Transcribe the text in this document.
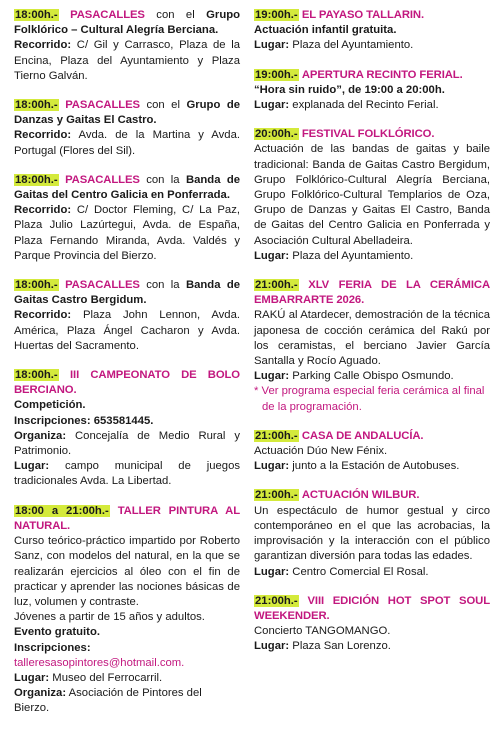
18:00h.- PASACALLES con el Grupo Folklórico – Cultural Alegría Berciana.
Recorrido: C/ Gil y Carrasco, Plaza de la Encina, Plaza del Ayuntamiento y Plaza Tierno Galván.
18:00h.- PASACALLES con el Grupo de Danzas y Gaitas El Castro.
Recorrido: Avda. de la Martina y Avda. Portugal (Flores del Sil).
18:00h.- PASACALLES con la Banda de Gaitas del Centro Galicia en Ponferrada.
Recorrido: C/ Doctor Fleming, C/ La Paz, Plaza Julio Lazúrtegui, Avda. de España, Plaza Fernando Miranda, Avda. Valdés y Parque Provincia del Bierzo.
18:00h.- PASACALLES con la Banda de Gaitas Castro Bergidum.
Recorrido: Plaza John Lennon, Avda. América, Plaza Ángel Cacharon y Avda. Huertas del Sacramento.
18:00h.- III CAMPEONATO DE BOLO BERCIANO.
Competición.
Inscripciones: 653581445.
Organiza: Concejalía de Medio Rural y Patrimonio.
Lugar: campo municipal de juegos tradicionales Avda. La Libertad.
18:00 a 21:00h.- TALLER PINTURA AL NATURAL.
Curso teórico-práctico impartido por Roberto Sanz, con modelos del natural, en la que se realizarán ejercicios al óleo con el fin de practicar y aprender las nociones básicas de luz, volumen y contraste.
Jóvenes a partir de 15 años y adultos.
Evento gratuito.
Inscripciones: talleresasopintores@hotmail.com.
Lugar: Museo del Ferrocarril.
Organiza: Asociación de Pintores del Bierzo.
19:00h.- EL PAYASO TALLARIN.
Actuación infantil gratuita.
Lugar: Plaza del Ayuntamiento.
19:00h.- APERTURA RECINTO FERIAL.
“Hora sin ruido”, de 19:00 a 20:00h.
Lugar: explanada del Recinto Ferial.
20:00h.- FESTIVAL FOLKLÓRICO.
Actuación de las bandas de gaitas y baile tradicional: Banda de Gaitas Castro Bergidum, Grupo Folklórico-Cultural Alegría Berciana, Grupo Folklórico-Cultural Templarios de Oza, Grupo de Danzas y Gaitas El Castro, Banda de Gaitas del Centro Galicia en Ponferrada y Asociación Cultural Abelladeira.
Lugar: Plaza del Ayuntamiento.
21:00h.- XLV FERIA DE LA CERÁMICA EMBARRARTE 2026.
RAKÚ al Atardecer, demostración de la técnica japonesa de cocción cerámica del Rakú por los ceramistas, el berciano Javier García Santalla y Rocío Aguado.
Lugar: Parking Calle Obispo Osmundo.
* Ver programa especial feria cerámica al final de la programación.
21:00h.- CASA DE ANDALUCÍA.
Actuación Dúo New Fénix.
Lugar: junto a la Estación de Autobuses.
21:00h.- ACTUACIÓN WILBUR.
Un espectáculo de humor gestual y circo contemporáneo en el que las acrobacias, la improvisación y la interacción con el público garantizan diversión para todas las edades.
Lugar: Centro Comercial El Rosal.
21:00h.- VIII EDICIÓN HOT SPOT SOUL WEEKENDER.
Concierto TANGOMANGO.
Lugar: Plaza San Lorenzo.
